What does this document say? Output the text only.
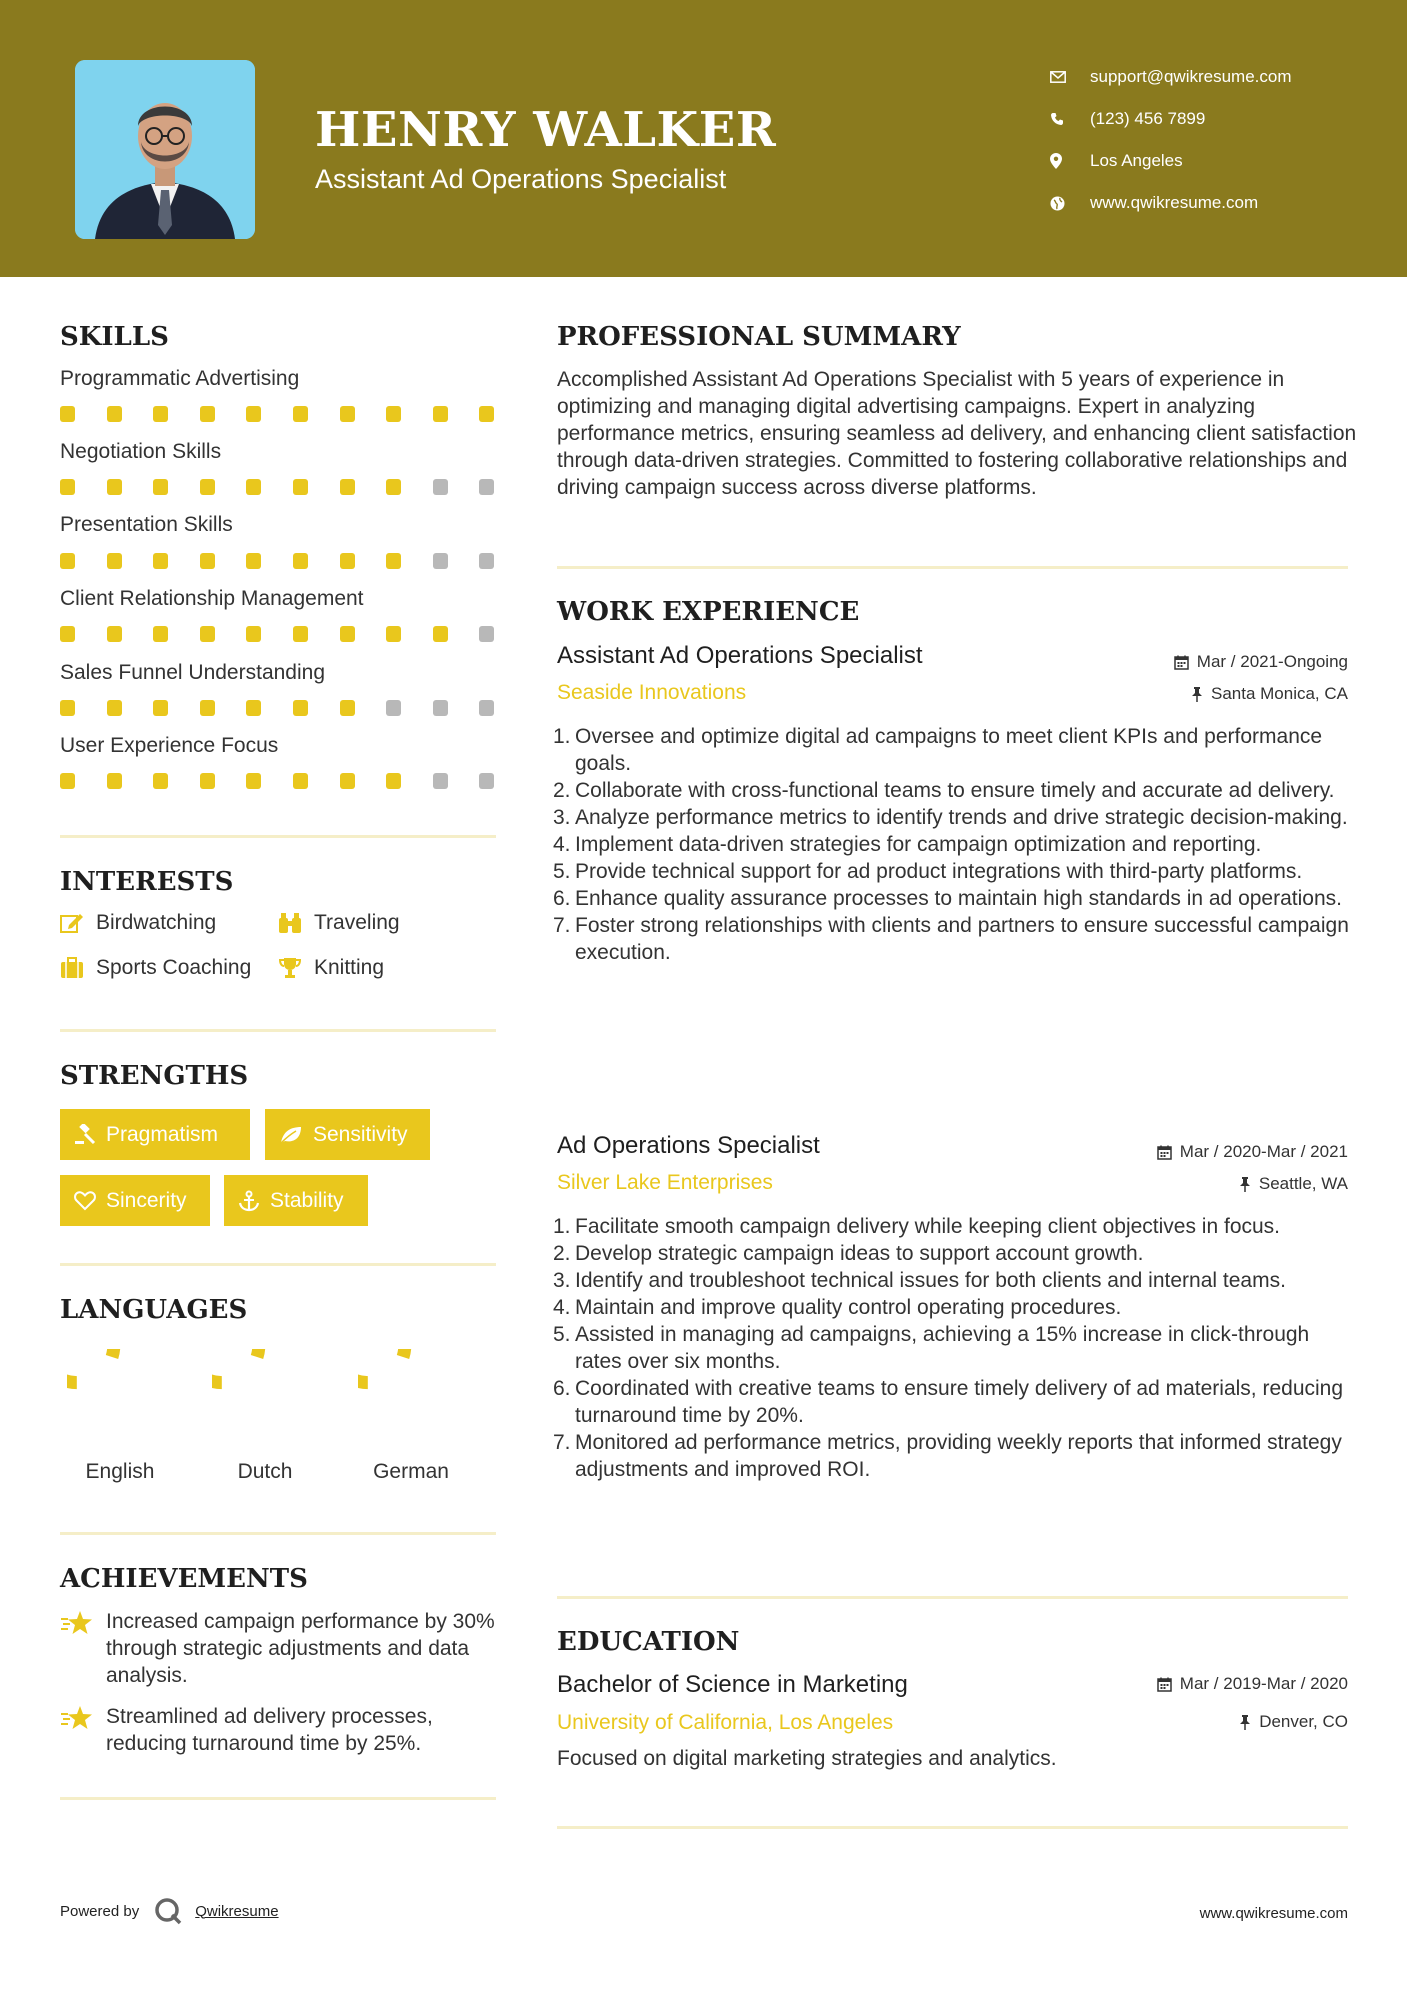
HENRY WALKER
Assistant Ad Operations Specialist
support@qwikresume.com
(123) 456 7899
Los Angeles
www.qwikresume.com
SKILLS
Programmatic Advertising
Negotiation Skills
Presentation Skills
Client Relationship Management
Sales Funnel Understanding
User Experience Focus
INTERESTS
Birdwatching	Traveling
Sports Coaching	Knitting
STRENGTHS
Pragmatism	Sensitivity
Sincerity	Stability
LANGUAGES
English	Dutch	German
ACHIEVEMENTS
Increased campaign performance by 30% through strategic adjustments and data analysis.
Streamlined ad delivery processes, reducing turnaround time by 25%.
PROFESSIONAL SUMMARY
Accomplished Assistant Ad Operations Specialist with 5 years of experience in optimizing and managing digital advertising campaigns. Expert in analyzing performance metrics, ensuring seamless ad delivery, and enhancing client satisfaction through data-driven strategies. Committed to fostering collaborative relationships and driving campaign success across diverse platforms.
WORK EXPERIENCE
Assistant Ad Operations Specialist	Mar / 2021-Ongoing
Seaside Innovations	Santa Monica, CA
1. Oversee and optimize digital ad campaigns to meet client KPIs and performance goals.
2. Collaborate with cross-functional teams to ensure timely and accurate ad delivery.
3. Analyze performance metrics to identify trends and drive strategic decision-making.
4. Implement data-driven strategies for campaign optimization and reporting.
5. Provide technical support for ad product integrations with third-party platforms.
6. Enhance quality assurance processes to maintain high standards in ad operations.
7. Foster strong relationships with clients and partners to ensure successful campaign execution.
Ad Operations Specialist	Mar / 2020-Mar / 2021
Silver Lake Enterprises	Seattle, WA
1. Facilitate smooth campaign delivery while keeping client objectives in focus.
2. Develop strategic campaign ideas to support account growth.
3. Identify and troubleshoot technical issues for both clients and internal teams.
4. Maintain and improve quality control operating procedures.
5. Assisted in managing ad campaigns, achieving a 15% increase in click-through rates over six months.
6. Coordinated with creative teams to ensure timely delivery of ad materials, reducing turnaround time by 20%.
7. Monitored ad performance metrics, providing weekly reports that informed strategy adjustments and improved ROI.
EDUCATION
Bachelor of Science in Marketing	Mar / 2019-Mar / 2020
University of California, Los Angeles	Denver, CO
Focused on digital marketing strategies and analytics.
Powered by	Qwikresume	www.qwikresume.com
